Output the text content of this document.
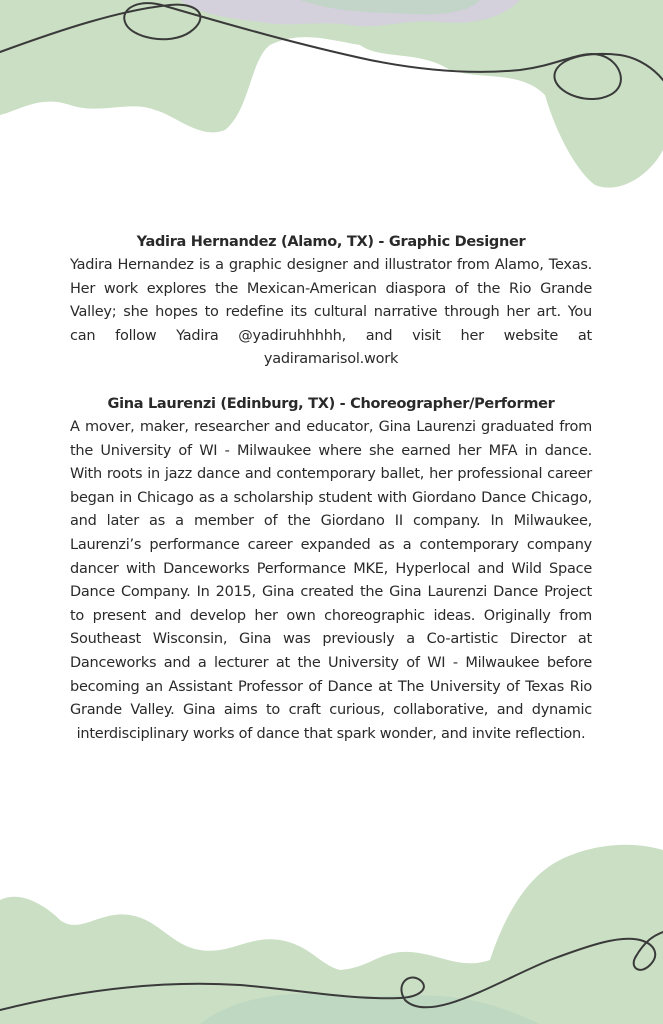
Yadira Hernandez (Alamo, TX) - Graphic Designer

Yadira Hernandez is a graphic designer and illustrator from Alamo, Texas. Her work explores the Mexican-American diaspora of the Rio Grande Valley; she hopes to redefine its cultural narrative through her art. You can follow Yadira @yadiruhhhhh, and visit her website at yadiramarisol.work

Gina Laurenzi (Edinburg, TX) - Choreographer/Performer

A mover, maker, researcher and educator, Gina Laurenzi graduated from the University of WI - Milwaukee where she earned her MFA in dance. With roots in jazz dance and contemporary ballet, her professional career began in Chicago as a scholarship student with Giordano Dance Chicago, and later as a member of the Giordano II company. In Milwaukee, Laurenzi’s performance career expanded as a contemporary company dancer with Danceworks Performance MKE, Hyperlocal and Wild Space Dance Company. In 2015, Gina created the Gina Laurenzi Dance Project to present and develop her own choreographic ideas. Originally from Southeast Wisconsin, Gina was previously a Co-artistic Director at Danceworks and a lecturer at the University of WI - Milwaukee before becoming an Assistant Professor of Dance at The University of Texas Rio Grande Valley. Gina aims to craft curious, collaborative, and dynamic interdisciplinary works of dance that spark wonder, and invite reflection.
